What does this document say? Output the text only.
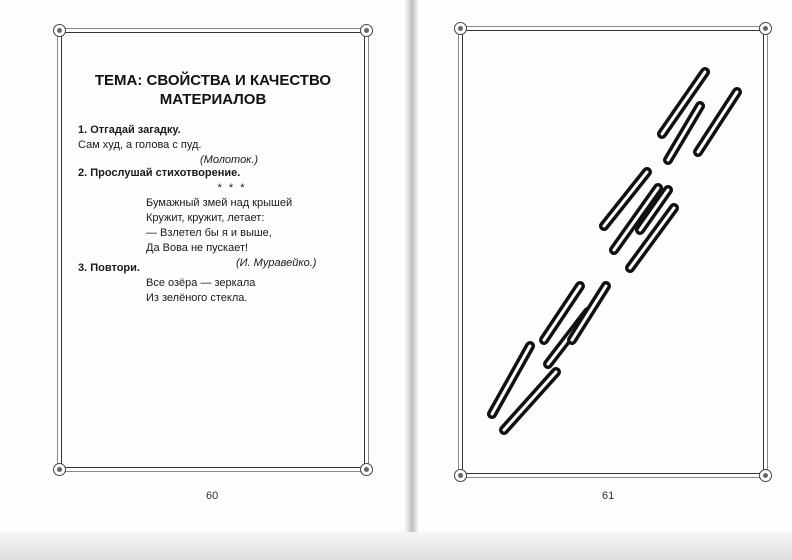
ТЕМА: СВОЙСТВА И КАЧЕСТВО
МАТЕРИАЛОВ
1. Отгадай загадку.
Сам худ, а голова с пуд.
(Молоток.)
2. Прослушай стихотворение.
* * *
Бумажный змей над крышей
Кружит, кружит, летает:
— Взлетел бы я и выше,
Да Вова не пускает!
(И. Муравейко.)
3. Повтори.
Все озёра — зеркала
Из зелёного стекла.
60	61
